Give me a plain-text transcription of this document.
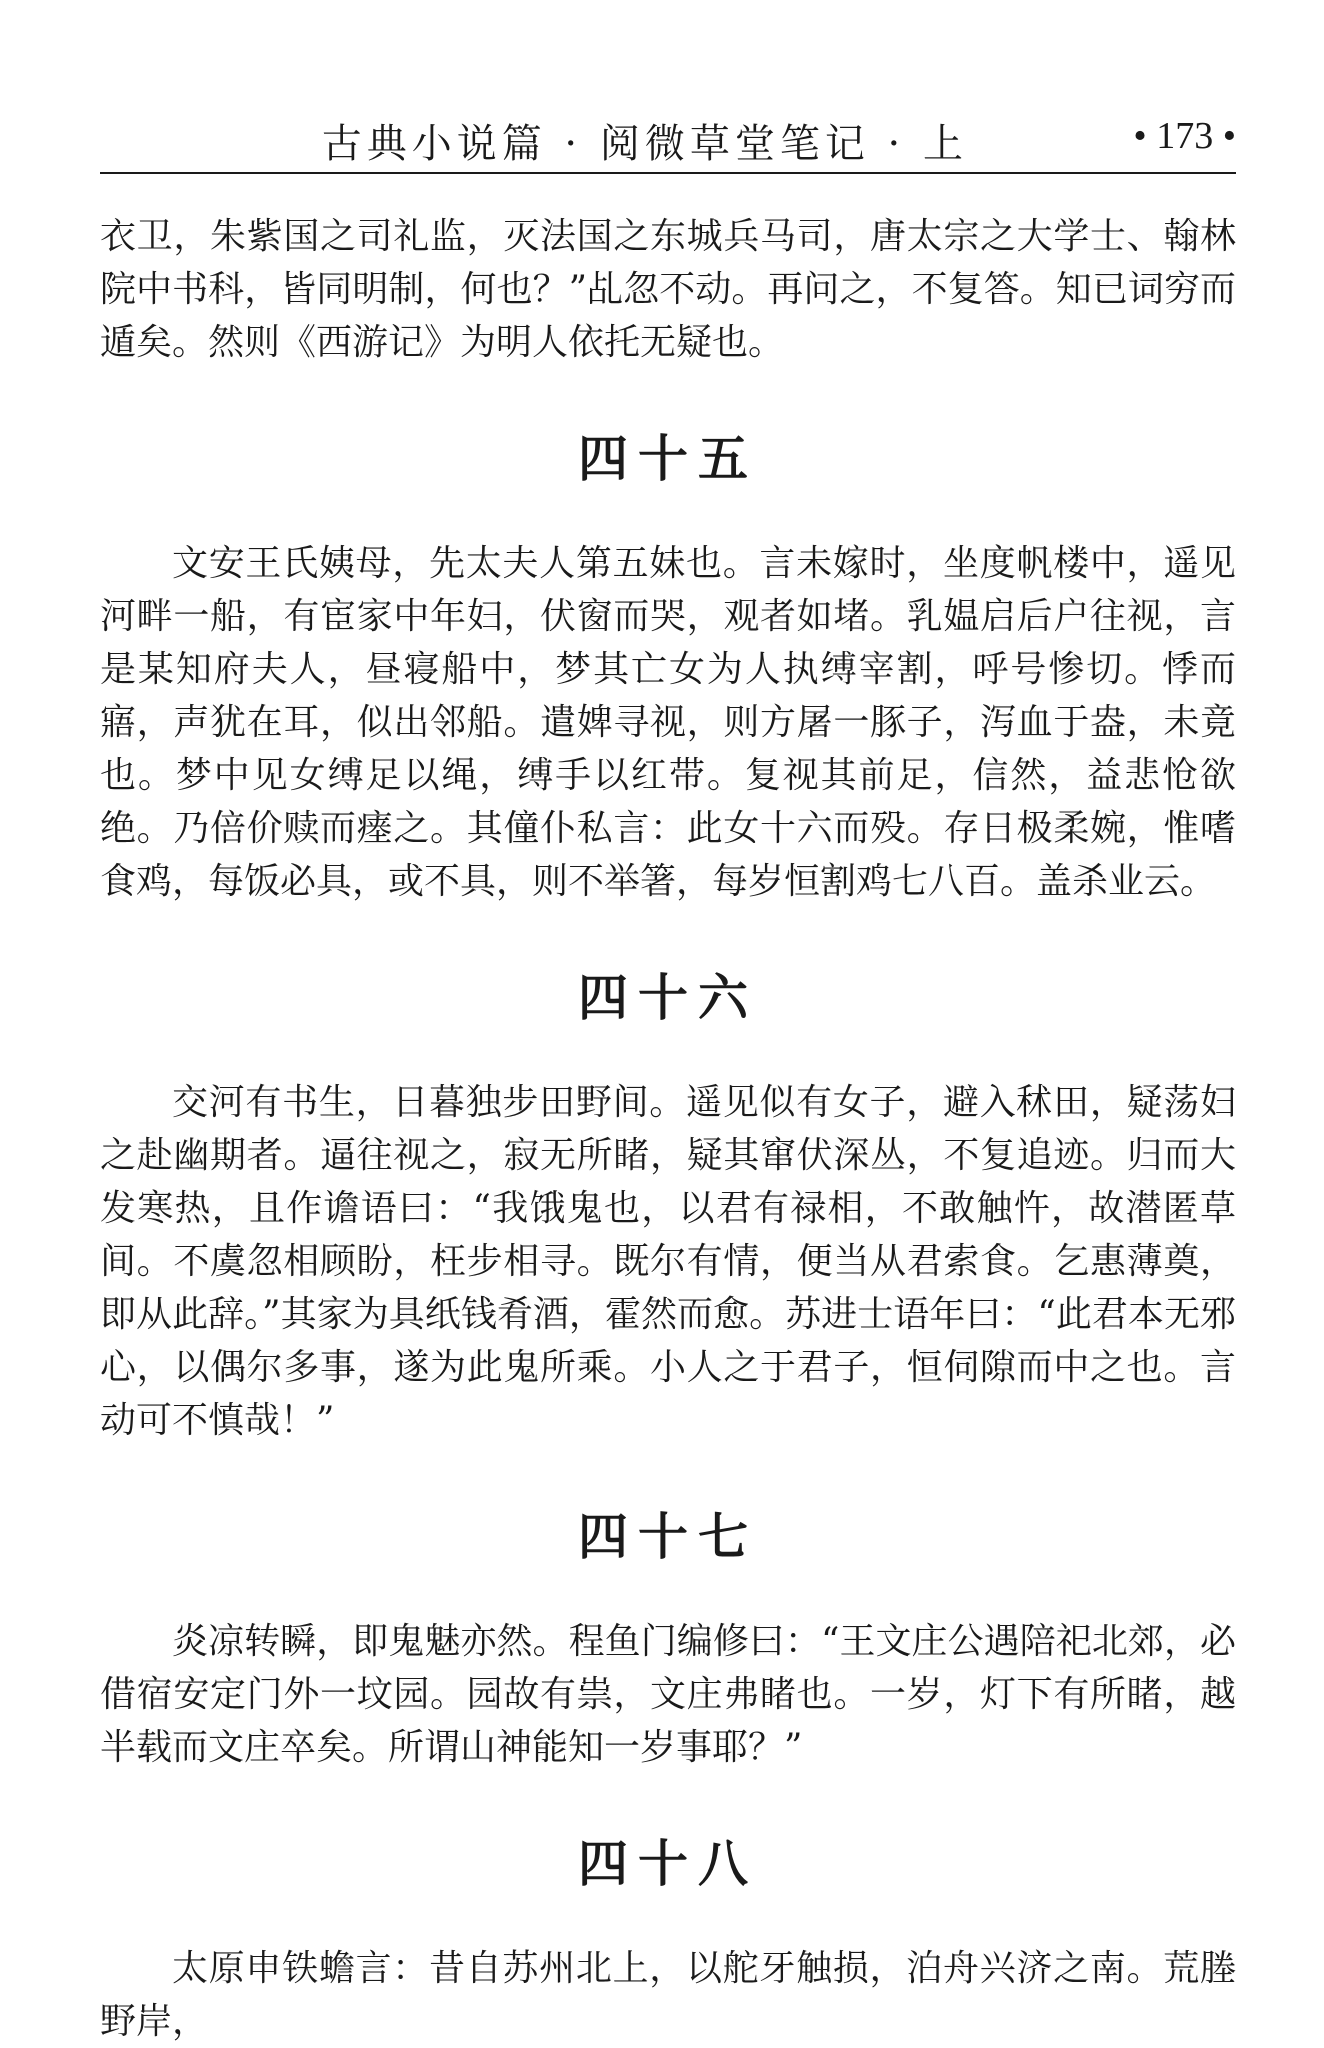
古典小说篇 · 阅微草堂笔记 · 上	• 173 •

衣卫，朱紫国之司礼监，灭法国之东城兵马司，唐太宗之大学士、翰林院中书科，皆同明制，何也？”乩忽不动。再问之，不复答。知已词穷而遁矣。然则《西游记》为明人依托无疑也。

四十五

文安王氏姨母，先太夫人第五妹也。言未嫁时，坐度帆楼中，遥见河畔一船，有宦家中年妇，伏窗而哭，观者如堵。乳媪启后户往视，言是某知府夫人，昼寝船中，梦其亡女为人执缚宰割，呼号惨切。悸而寤，声犹在耳，似出邻船。遣婢寻视，则方屠一豚子，泻血于盎，未竟也。梦中见女缚足以绳，缚手以红带。复视其前足，信然，益悲怆欲绝。乃倍价赎而瘗之。其僮仆私言：此女十六而殁。存日极柔婉，惟嗜食鸡，每饭必具，或不具，则不举箸，每岁恒割鸡七八百。盖杀业云。

四十六

交河有书生，日暮独步田野间。遥见似有女子，避入秫田，疑荡妇之赴幽期者。逼往视之，寂无所睹，疑其窜伏深丛，不复追迹。归而大发寒热，且作谵语曰：“我饿鬼也，以君有禄相，不敢触忤，故潜匿草间。不虞忽相顾盼，枉步相寻。既尔有情，便当从君索食。乞惠薄奠，即从此辞。”其家为具纸钱肴酒，霍然而愈。苏进士语年曰：“此君本无邪心，以偶尔多事，遂为此鬼所乘。小人之于君子，恒伺隙而中之也。言动可不慎哉！”

四十七

炎凉转瞬，即鬼魅亦然。程鱼门编修曰：“王文庄公遇陪祀北郊，必借宿安定门外一坟园。园故有祟，文庄弗睹也。一岁，灯下有所睹，越半载而文庄卒矣。所谓山神能知一岁事耶？”

四十八

太原申铁蟾言：昔自苏州北上，以舵牙触损，泊舟兴济之南。荒塍野岸，
